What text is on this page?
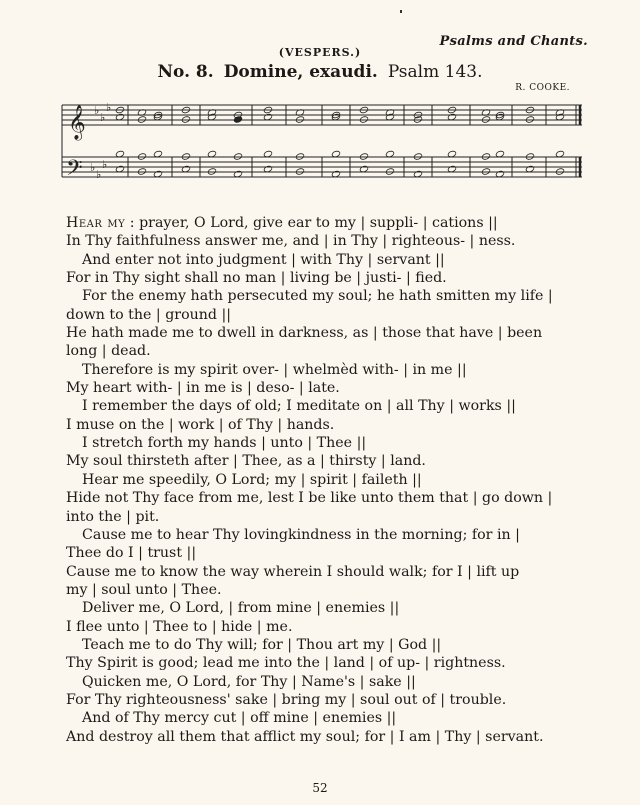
Psalms and Chants.
(VESPERS.)
No. 8. Domine, exaudi. Psalm 143.
R. COOKE.
♭
♭
♭
♭
♭
♭
𝄞
𝄢
Hear my : prayer, O Lord, give ear to my | suppli- | cations ||
In Thy faithfulness answer me, and | in Thy | righteous- | ness.
And enter not into judgment | with Thy | servant ||
For in Thy sight shall no man | living be | justi- | fied.
For the enemy hath persecuted my soul; he hath smitten my life |
down to the | ground ||
He hath made me to dwell in darkness, as | those that have | been
long | dead.
Therefore is my spirit over- | whelmèd with- | in me ||
My heart with- | in me is | deso- | late.
I remember the days of old; I meditate on | all Thy | works ||
I muse on the | work | of Thy | hands.
I stretch forth my hands | unto | Thee ||
My soul thirsteth after | Thee, as a | thirsty | land.
Hear me speedily, O Lord; my | spirit | faileth ||
Hide not Thy face from me, lest I be like unto them that | go down |
into the | pit.
Cause me to hear Thy lovingkindness in the morning; for in |
Thee do I | trust ||
Cause me to know the way wherein I should walk; for I | lift up
my | soul unto | Thee.
Deliver me, O Lord, | from mine | enemies ||
I flee unto | Thee to | hide | me.
Teach me to do Thy will; for | Thou art my | God ||
Thy Spirit is good; lead me into the | land | of up- | rightness.
Quicken me, O Lord, for Thy | Name's | sake ||
For Thy righteousness' sake | bring my | soul out of | trouble.
And of Thy mercy cut | off mine | enemies ||
And destroy all them that afflict my soul; for | I am | Thy | servant.
52
